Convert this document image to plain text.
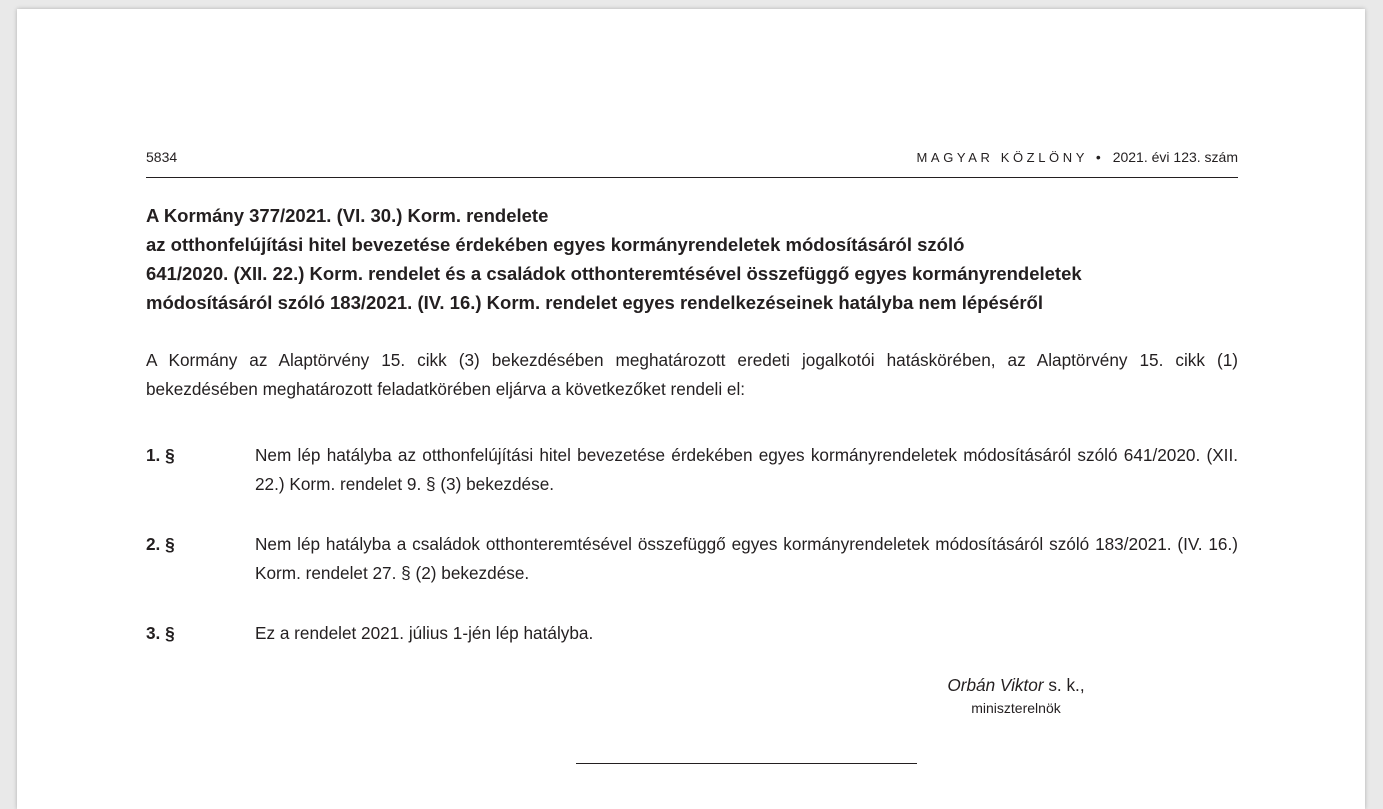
5834	MAGYAR KÖZLÖNY • 2021. évi 123. szám
A Kormány 377/2021. (VI. 30.) Korm. rendelete
az otthonfelújítási hitel bevezetése érdekében egyes kormányrendeletek módosításáról szóló
641/2020. (XII. 22.) Korm. rendelet és a családok otthonteremtésével összefüggő egyes kormányrendeletek
módosításáról szóló 183/2021. (IV. 16.) Korm. rendelet egyes rendelkezéseinek hatályba nem lépéséről
A Kormány az Alaptörvény 15. cikk (3) bekezdésében meghatározott eredeti jogalkotói hatáskörében, az Alaptörvény 15. cikk (1) bekezdésében meghatározott feladatkörében eljárva a következőket rendeli el:
1. §	Nem lép hatályba az otthonfelújítási hitel bevezetése érdekében egyes kormányrendeletek módosításáról szóló 641/2020. (XII. 22.) Korm. rendelet 9. § (3) bekezdése.
2. §	Nem lép hatályba a családok otthonteremtésével összefüggő egyes kormányrendeletek módosításáról szóló 183/2021. (IV. 16.) Korm. rendelet 27. § (2) bekezdése.
3. §	Ez a rendelet 2021. július 1-jén lép hatályba.
Orbán Viktor s. k.,
miniszterelnök
